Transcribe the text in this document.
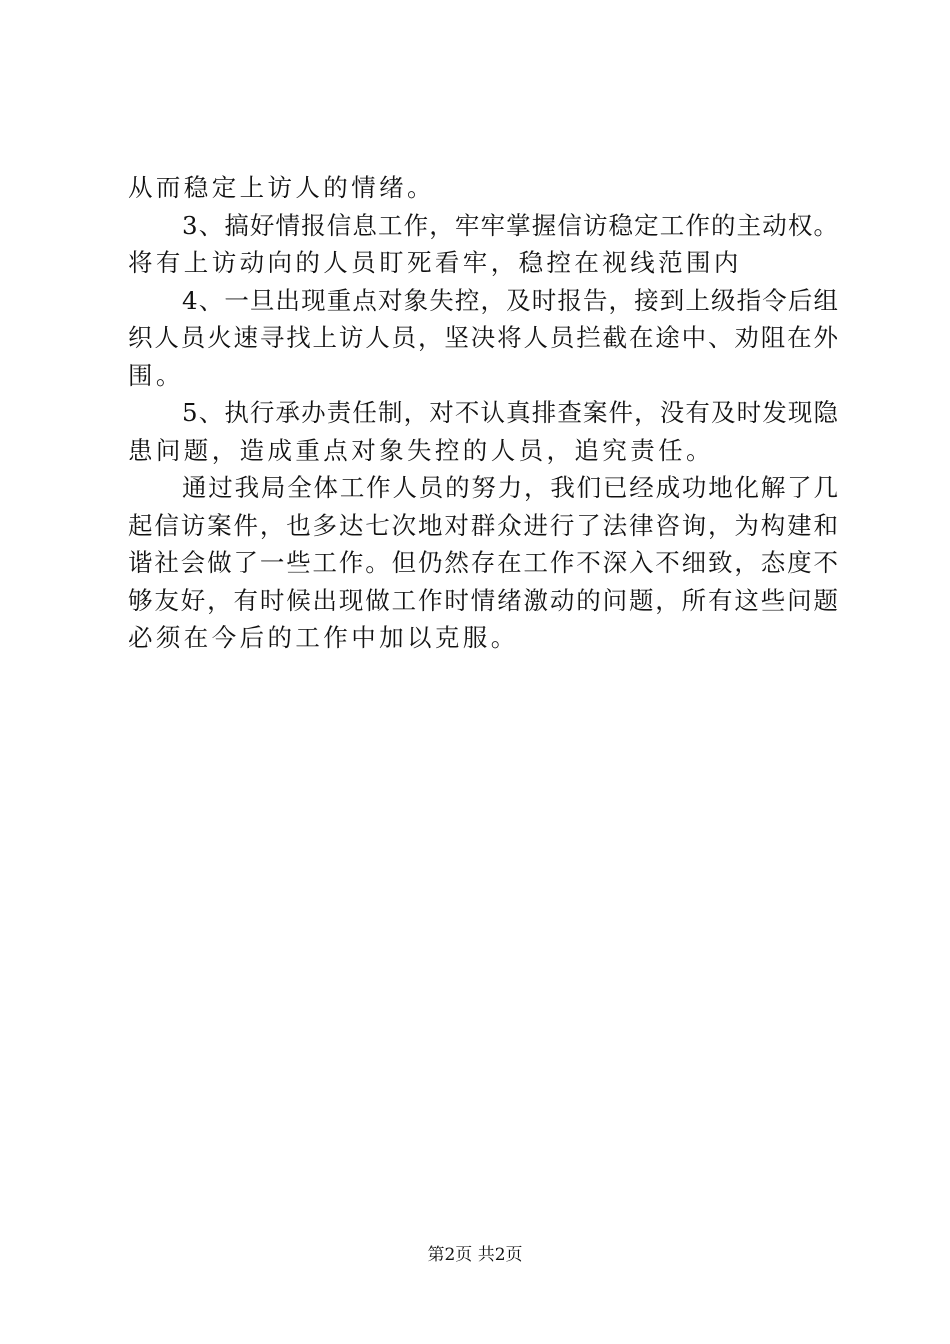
从而稳定上访人的情绪。
3、搞好情报信息工作，牢牢掌握信访稳定工作的主动权。
将有上访动向的人员盯死看牢，稳控在视线范围内
4、一旦出现重点对象失控，及时报告，接到上级指令后组
织人员火速寻找上访人员，坚决将人员拦截在途中、劝阻在外
围。
5、执行承办责任制，对不认真排查案件，没有及时发现隐
患问题，造成重点对象失控的人员，追究责任。
通过我局全体工作人员的努力，我们已经成功地化解了几
起信访案件，也多达七次地对群众进行了法律咨询，为构建和
谐社会做了一些工作。但仍然存在工作不深入不细致，态度不
够友好，有时候出现做工作时情绪激动的问题，所有这些问题
必须在今后的工作中加以克服。
第2页 共2页
